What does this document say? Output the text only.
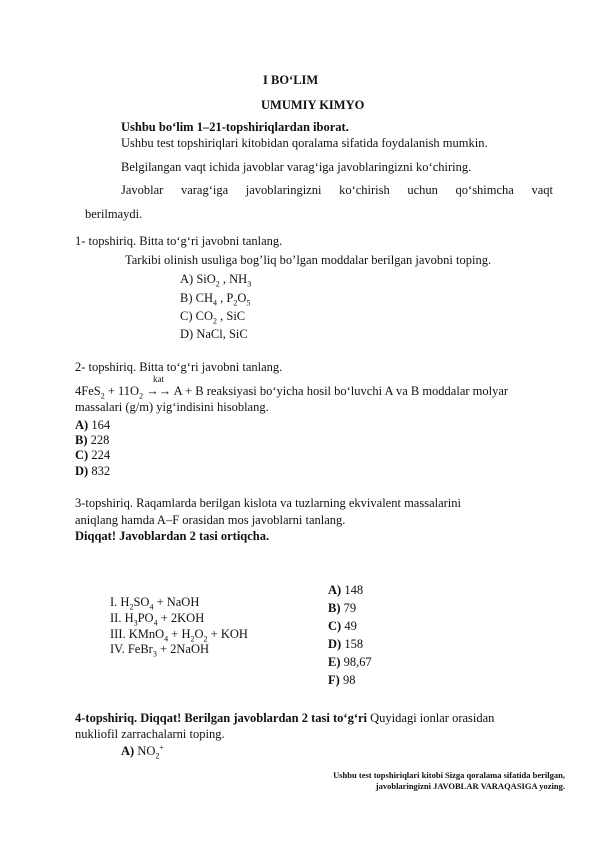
I BO‘LIM
UMUMIY KIMYO
Ushbu bo‘lim 1–21-topshiriqlardan iborat.
Ushbu test topshiriqlari kitobidan qoralama sifatida foydalanish mumkin.
Belgilangan vaqt ichida javoblar varag‘iga javoblaringizni ko‘chiring.
Javoblar varag‘iga javoblaringizni ko‘chirish uchun qo‘shimcha vaqt
berilmaydi.
1- topshiriq. Bitta to‘g‘ri javobni tanlang.
Tarkibi olinish usuliga bog’liq bo’lgan moddalar berilgan javobni toping.
A) SiO$_2$ , $NH_3$
B) $CH_4$ , $P_2O_5$
C) $CO_2$ , SiC
D) NaCl, SiC
2- topshiriq. Bitta to‘g‘ri javobni tanlang.
kat
$4FeS_2 + 11O_2 \to\to A + B$ reaksiyasi bo‘yicha hosil bo‘luvchi A va B moddalar molyar
massalari (g/m) yig‘indisini hisoblang.
A) 164
B) 228
C) 224
D) 832
3-topshiriq. Raqamlarda berilgan kislota va tuzlarning ekvivalent massalarini
aniqlang hamda A–F orasidan mos javoblarni tanlang.
Diqqat! Javoblardan 2 tasi ortiqcha.
I. $H_2SO_4$ + NaOH
II. $H_3PO_4 + 2KOH$
III. KMnO$_4$ + $H_2O_2$ + KOH
IV. FeBr$_3$ + 2NaOH
A) 148
B) 79
C) 49
D) 158
E) 98,67
F) 98
4-topshiriq. Diqqat! Berilgan javoblardan 2 tasi to‘g‘ri Quyidagi ionlar orasidan
nukliofil zarrachalarni toping.
A) $NO_2^+$
Ushbu test topshiriqlari kitobi Sizga qoralama sifatida berilgan,
javoblaringizni JAVOBLAR VARAQASIGA yozing.
